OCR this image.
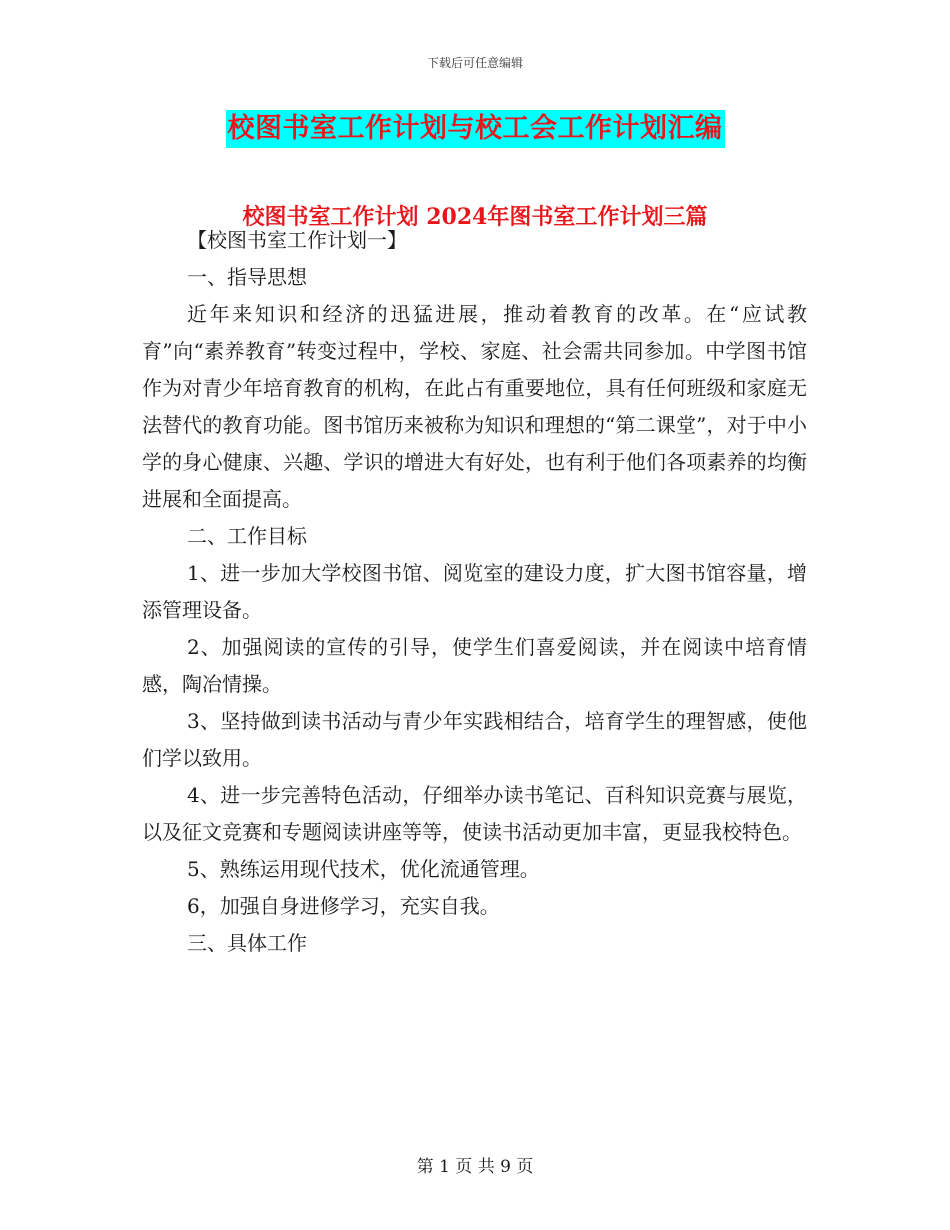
下载后可任意编辑
校图书室工作计划与校工会工作计划汇编
校图书室工作计划 2024年图书室工作计划三篇

【校图书室工作计划一】

一、指导思想

近年来知识和经济的迅猛进展，推动着教育的改革。在“应试教育”向“素养教育”转变过程中，学校、家庭、社会需共同参加。中学图书馆作为对青少年培育教育的机构，在此占有重要地位，具有任何班级和家庭无法替代的教育功能。图书馆历来被称为知识和理想的“第二课堂”，对于中小学的身心健康、兴趣、学识的增进大有好处，也有利于他们各项素养的均衡进展和全面提高。

二、工作目标

1、进一步加大学校图书馆、阅览室的建设力度，扩大图书馆容量，增添管理设备。

2、加强阅读的宣传的引导，使学生们喜爱阅读，并在阅读中培育情感，陶冶情操。

3、坚持做到读书活动与青少年实践相结合，培育学生的理智感，使他们学以致用。

4、进一步完善特色活动，仔细举办读书笔记、百科知识竞赛与展览，以及征文竞赛和专题阅读讲座等等，使读书活动更加丰富，更显我校特色。

5、熟练运用现代技术，优化流通管理。

6，加强自身进修学习，充实自我。

三、具体工作

第 1 页 共 9 页
